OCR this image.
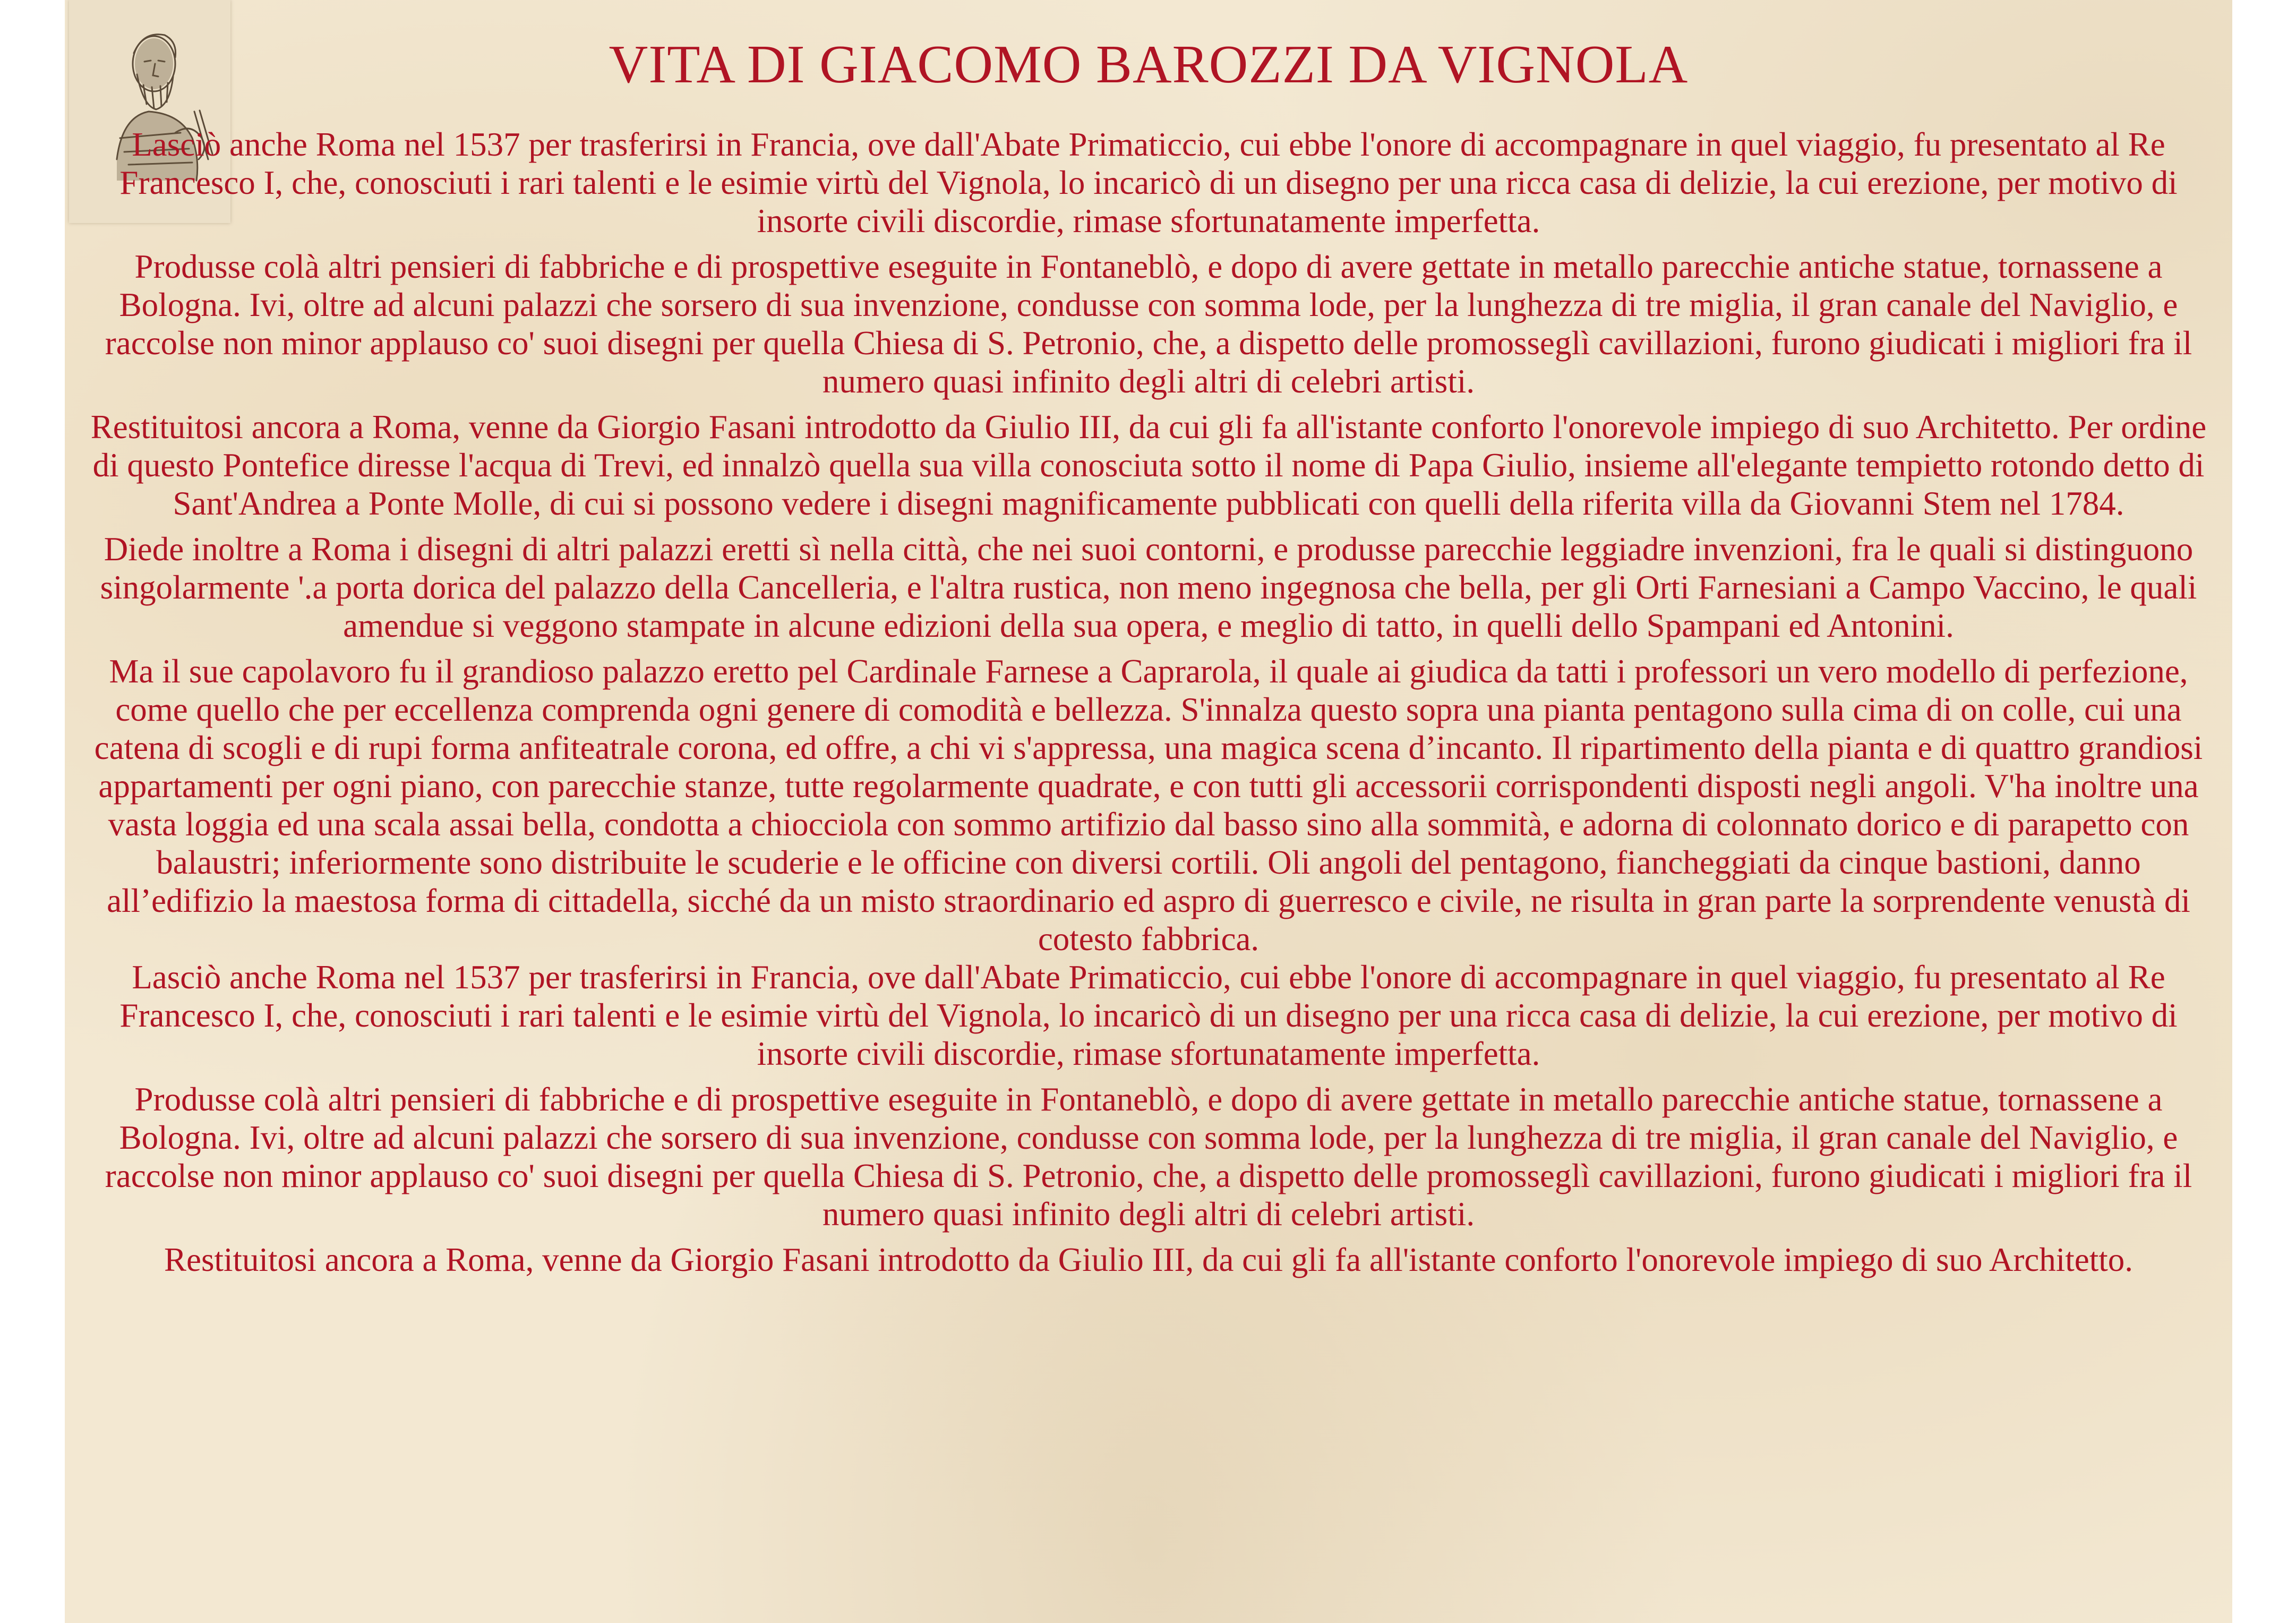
VITA DI GIACOMO BAROZZI DA VIGNOLA

Lasciò anche Roma nel 1537 per trasferirsi in Francia, ove dall'Abate Primaticcio, cui ebbe l'onore di accompagnare in quel viaggio, fu presentato al Re Francesco I, che, conosciuti i rari talenti e le esimie virtù del Vignola, lo incaricò di un disegno per una ricca casa di delizie, la cui erezione, per motivo di insorte civili discordie, rimase sfortunatamente imperfetta.

Produsse colà altri pensieri di fabbriche e di prospettive eseguite in Fontaneblò, e dopo di avere gettate in metallo parecchie antiche statue, tornassene a Bologna. Ivi, oltre ad alcuni palazzi che sorsero di sua invenzione, condusse con somma lode, per la lunghezza di tre miglia, il gran canale del Naviglio, e raccolse non minor applauso co' suoi disegni per quella Chiesa di S. Petronio, che, a dispetto delle promosseglì cavillazioni, furono giudicati i migliori fra il numero quasi infinito degli altri di celebri artisti.

Restituitosi ancora a Roma, venne da Giorgio Fasani introdotto da Giulio III, da cui gli fa all'istante conforto l'onorevole impiego di suo Architetto. Per ordine di questo Pontefice diresse l'acqua di Trevi, ed innalzò quella sua villa conosciuta sotto il nome di Papa Giulio, insieme all'elegante tempietto rotondo detto di Sant'Andrea a Ponte Molle, di cui si possono vedere i disegni magnificamente pubblicati con quelli della riferita villa da Giovanni Stem nel 1784.

Diede inoltre a Roma i disegni di altri palazzi eretti sì nella città, che nei suoi contorni, e produsse parecchie leggiadre invenzioni, fra le quali si distinguono singolarmente '.a porta dorica del palazzo della Cancelleria, e l'altra rustica, non meno ingegnosa che bella, per gli Orti Farnesiani a Campo Vaccino, le quali amendue si veggono stampate in alcune edizioni della sua opera, e meglio di tatto, in quelli dello Spampani ed Antonini.

Ma il sue capolavoro fu il grandioso palazzo eretto pel Cardinale Farnese a Caprarola, il quale ai giudica da tatti i professori un vero modello di perfezione, come quello che per eccellenza comprenda ogni genere di comodità e bellezza. S'innalza questo sopra una pianta pentagono sulla cima di on colle, cui una catena di scogli e di rupi forma anfiteatrale corona, ed offre, a chi vi s'appressa, una magica scena d’incanto. Il ripartimento della pianta e di quattro grandiosi appartamenti per ogni piano, con parecchie stanze, tutte regolarmente quadrate, e con tutti gli accessorii corrispondenti disposti negli angoli. V'ha inoltre una vasta loggia ed una scala assai bella, condotta a chiocciola con sommo artifizio dal basso sino alla sommità, e adorna di colonnato dorico e di parapetto con balaustri; inferiormente sono distribuite le scuderie e le officine con diversi cortili. Oli angoli del pentagono, fiancheggiati da cinque bastioni, danno all’edifizio la maestosa forma di cittadella, sicché da un misto straordinario ed aspro di guerresco e civile, ne risulta in gran parte la sorprendente venustà di cotesto fabbrica.

Lasciò anche Roma nel 1537 per trasferirsi in Francia, ove dall'Abate Primaticcio, cui ebbe l'onore di accompagnare in quel viaggio, fu presentato al Re Francesco I, che, conosciuti i rari talenti e le esimie virtù del Vignola, lo incaricò di un disegno per una ricca casa di delizie, la cui erezione, per motivo di insorte civili discordie, rimase sfortunatamente imperfetta.

Produsse colà altri pensieri di fabbriche e di prospettive eseguite in Fontaneblò, e dopo di avere gettate in metallo parecchie antiche statue, tornassene a Bologna. Ivi, oltre ad alcuni palazzi che sorsero di sua invenzione, condusse con somma lode, per la lunghezza di tre miglia, il gran canale del Naviglio, e raccolse non minor applauso co' suoi disegni per quella Chiesa di S. Petronio, che, a dispetto delle promosseglì cavillazioni, furono giudicati i migliori fra il numero quasi infinito degli altri di celebri artisti.

Restituitosi ancora a Roma, venne da Giorgio Fasani introdotto da Giulio III, da cui gli fa all'istante conforto l'onorevole impiego di suo Architetto.
